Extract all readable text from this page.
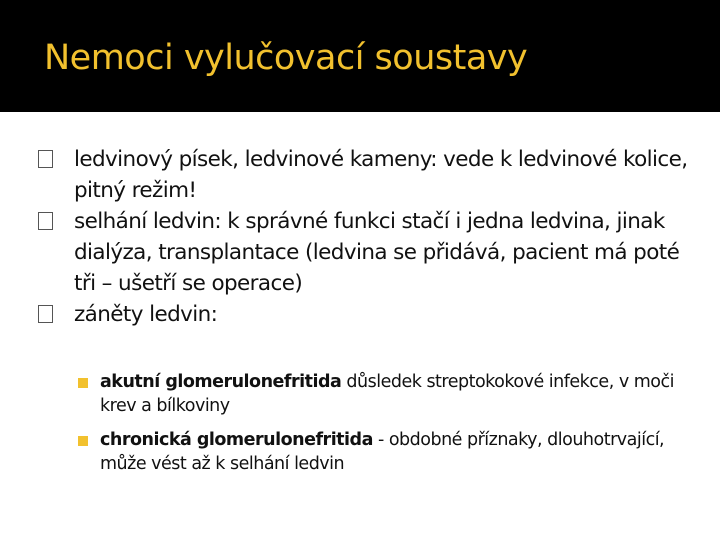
Nemoci vylučovací soustavy
ledvinový písek, ledvinové kameny: vede k ledvinové kolice, pitný režim!
selhání ledvin: k správné funkci stačí i jedna ledvina, jinak dialýza, transplantace (ledvina se přidává, pacient má poté tři – ušetří se operace)
záněty ledvin:
akutní glomerulonefritida důsledek streptokokové infekce, v moči krev a bílkoviny
chronická glomerulonefritida - obdobné příznaky, dlouhotrvající, může vést až k selhání ledvin
